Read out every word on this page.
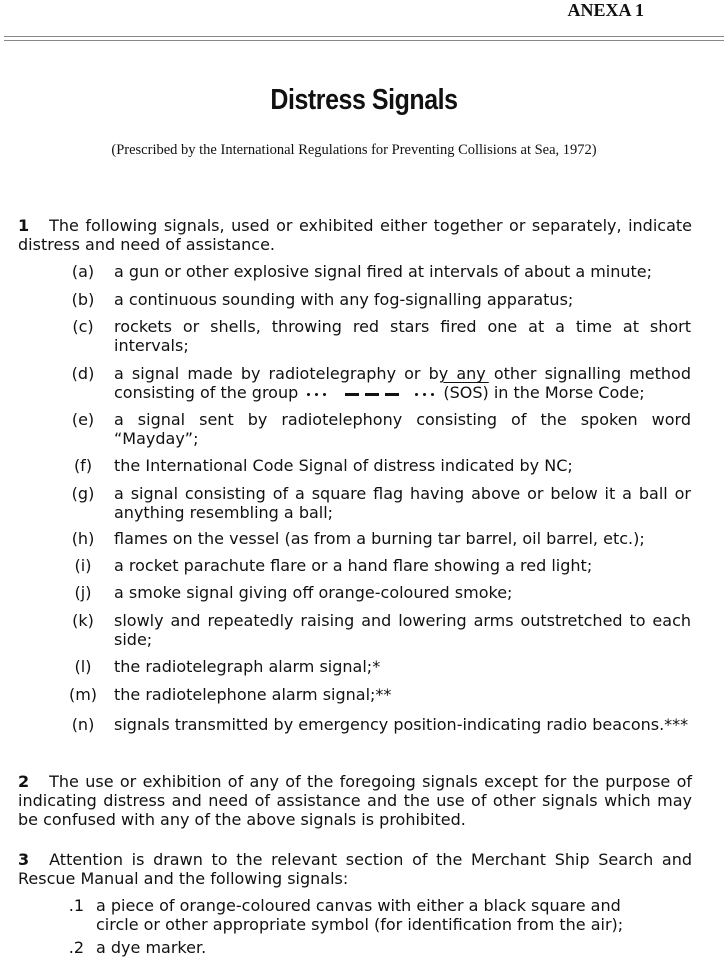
ANEXA 1
Distress Signals
(Prescribed by the International Regulations for Preventing Collisions at Sea, 1972)
1 The following signals, used or exhibited either together or separately, indicate distress and need of assistance.
(a)	a gun or other explosive signal fired at intervals of about a minute;
(b)	a continuous sounding with any fog-signalling apparatus;
(c)	rockets or shells, throwing red stars fired one at a time at short intervals;
(d)	a signal made by radiotelegraphy or by any other signalling method consisting of the group	(SOS) in the Morse Code;
(e)	a signal sent by radiotelephony consisting of the spoken word “Mayday”;
(f)	the International Code Signal of distress indicated by NC;
(g)	a signal consisting of a square flag having above or below it a ball or anything resembling a ball;
(h)	flames on the vessel (as from a burning tar barrel, oil barrel, etc.);
(i)	a rocket parachute flare or a hand flare showing a red light;
(j)	a smoke signal giving off orange-coloured smoke;
(k)	slowly and repeatedly raising and lowering arms outstretched to each side;
(l)	the radiotelegraph alarm signal;*
(m) the radiotelephone alarm signal;**
(n)	signals transmitted by emergency position-indicating radio beacons.***
2 The use or exhibition of any of the foregoing signals except for the purpose of indicating distress and need of assistance and the use of other signals which may be confused with any of the above signals is prohibited.
3 Attention is drawn to the relevant section of the Merchant Ship Search and Rescue Manual and the following signals:
.1 a piece of orange-coloured canvas with either a black square and circle or other appropriate symbol (for identification from the air);
.2 a dye marker.
